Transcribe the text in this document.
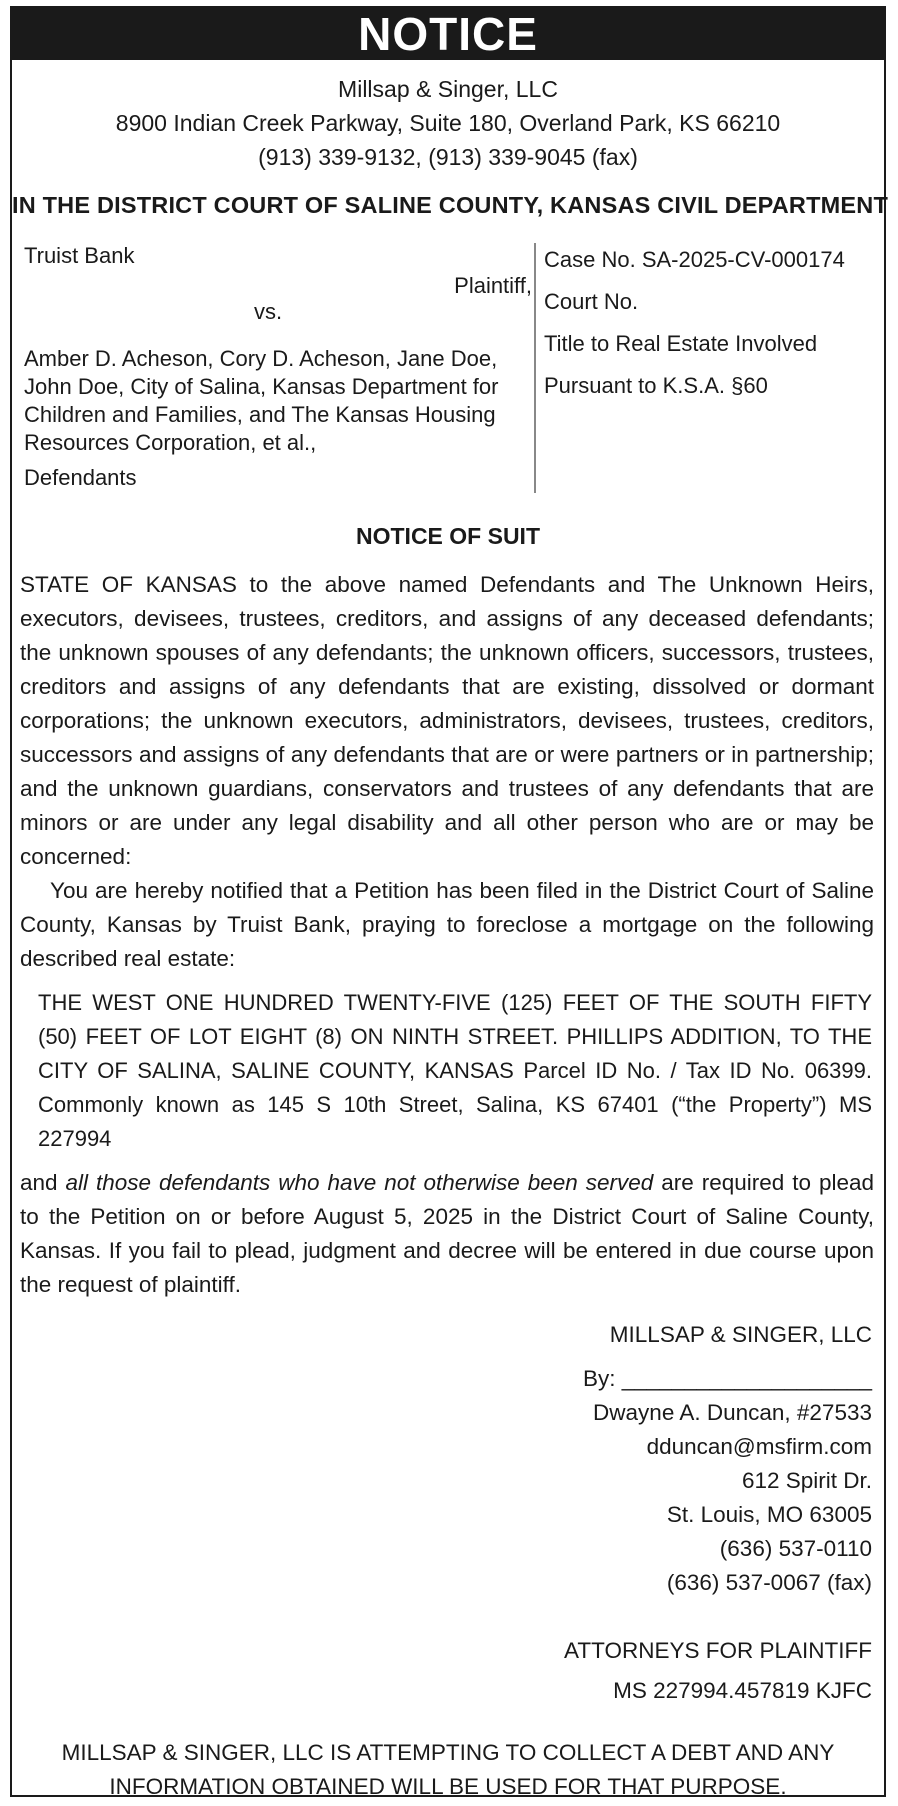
NOTICE
Millsap & Singer, LLC
8900 Indian Creek Parkway, Suite 180, Overland Park, KS 66210
(913) 339-9132, (913) 339-9045 (fax)
IN THE DISTRICT COURT OF SALINE COUNTY, KANSAS CIVIL DEPARTMENT
Truist Bank
Plaintiff,
vs.
Amber D. Acheson, Cory D. Acheson, Jane Doe, John Doe, City of Salina, Kansas Department for Children and Families, and The Kansas Housing Resources Corporation, et al.,
Defendants
Case No. SA-2025-CV-000174
Court No.
Title to Real Estate Involved
Pursuant to K.S.A. §60
NOTICE OF SUIT
STATE OF KANSAS to the above named Defendants and The Unknown Heirs, executors, devisees, trustees, creditors, and assigns of any deceased defendants; the unknown spouses of any defendants; the unknown officers, successors, trustees, creditors and assigns of any defendants that are existing, dissolved or dormant corporations; the unknown executors, administrators, devisees, trustees, creditors, successors and assigns of any defendants that are or were partners or in partnership; and the unknown guardians, conservators and trustees of any defendants that are minors or are under any legal disability and all other person who are or may be concerned:
You are hereby notified that a Petition has been filed in the District Court of Saline County, Kansas by Truist Bank, praying to foreclose a mortgage on the following described real estate:
THE WEST ONE HUNDRED TWENTY-FIVE (125) FEET OF THE SOUTH FIFTY (50) FEET OF LOT EIGHT (8) ON NINTH STREET. PHILLIPS ADDITION, TO THE CITY OF SALINA, SALINE COUNTY, KANSAS Parcel ID No. / Tax ID No. 06399. Commonly known as 145 S 10th Street, Salina, KS 67401 (“the Property”) MS 227994
and all those defendants who have not otherwise been served are required to plead to the Petition on or before August 5, 2025 in the District Court of Saline County, Kansas. If you fail to plead, judgment and decree will be entered in due course upon the request of plaintiff.
MILLSAP & SINGER, LLC
By: ____________________
Dwayne A. Duncan, #27533
dduncan@msfirm.com
612 Spirit Dr.
St. Louis, MO 63005
(636) 537-0110
(636) 537-0067 (fax)
ATTORNEYS FOR PLAINTIFF
MS 227994.457819 KJFC
MILLSAP & SINGER, LLC IS ATTEMPTING TO COLLECT A DEBT AND ANY INFORMATION OBTAINED WILL BE USED FOR THAT PURPOSE.
